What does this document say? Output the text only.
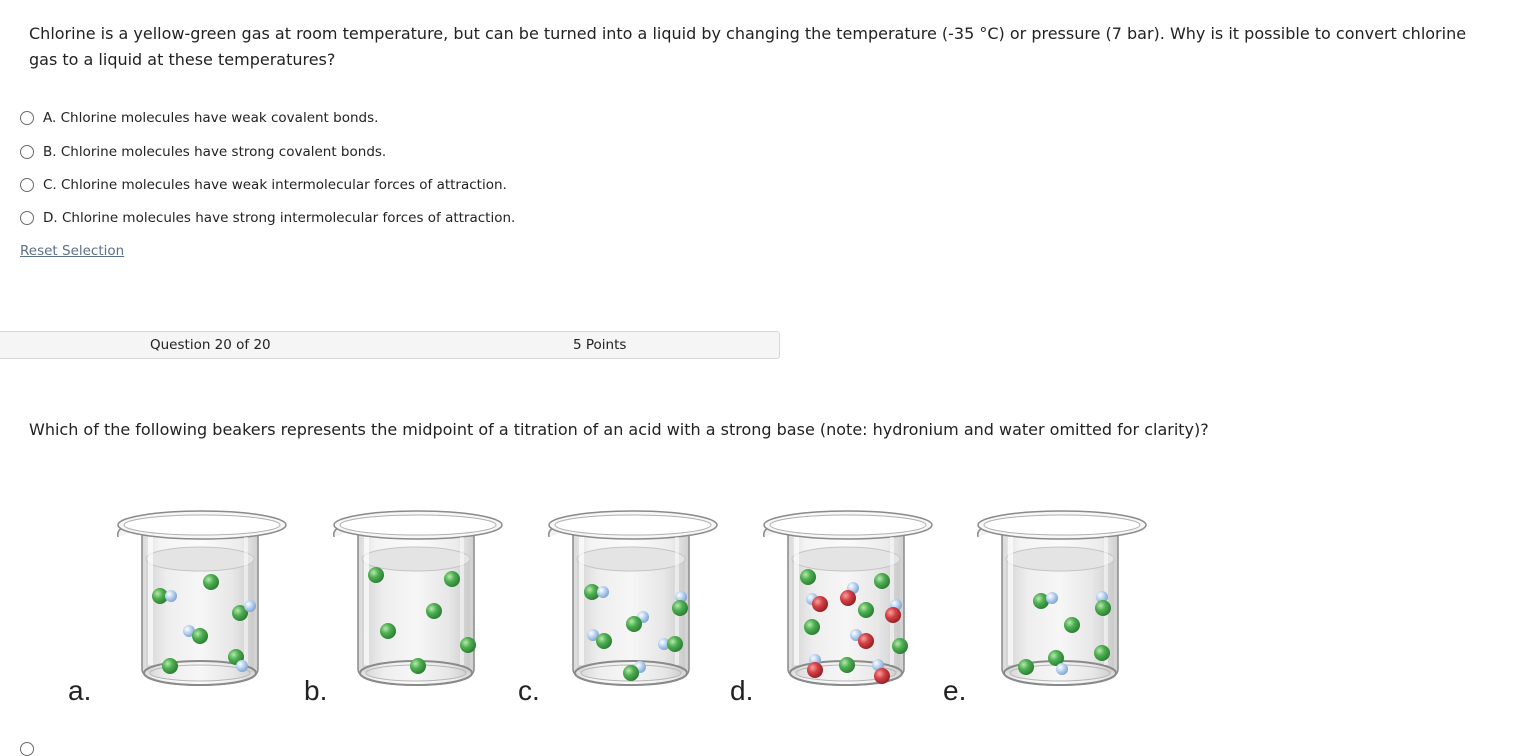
Chlorine is a yellow-green gas at room temperature, but can be turned into a liquid by changing the temperature (-35 °C) or pressure (7 bar). Why is it possible to convert chlorine gas to a liquid at these temperatures?

A. Chlorine molecules have weak covalent bonds.
B. Chlorine molecules have strong covalent bonds.
C. Chlorine molecules have weak intermolecular forces of attraction.
D. Chlorine molecules have strong intermolecular forces of attraction.
Reset Selection
Question 20 of 20	5 Points

Which of the following beakers represents the midpoint of a titration of an acid with a strong base (note: hydronium and water omitted for clarity)?

a.	b.	c.	d.	e.
